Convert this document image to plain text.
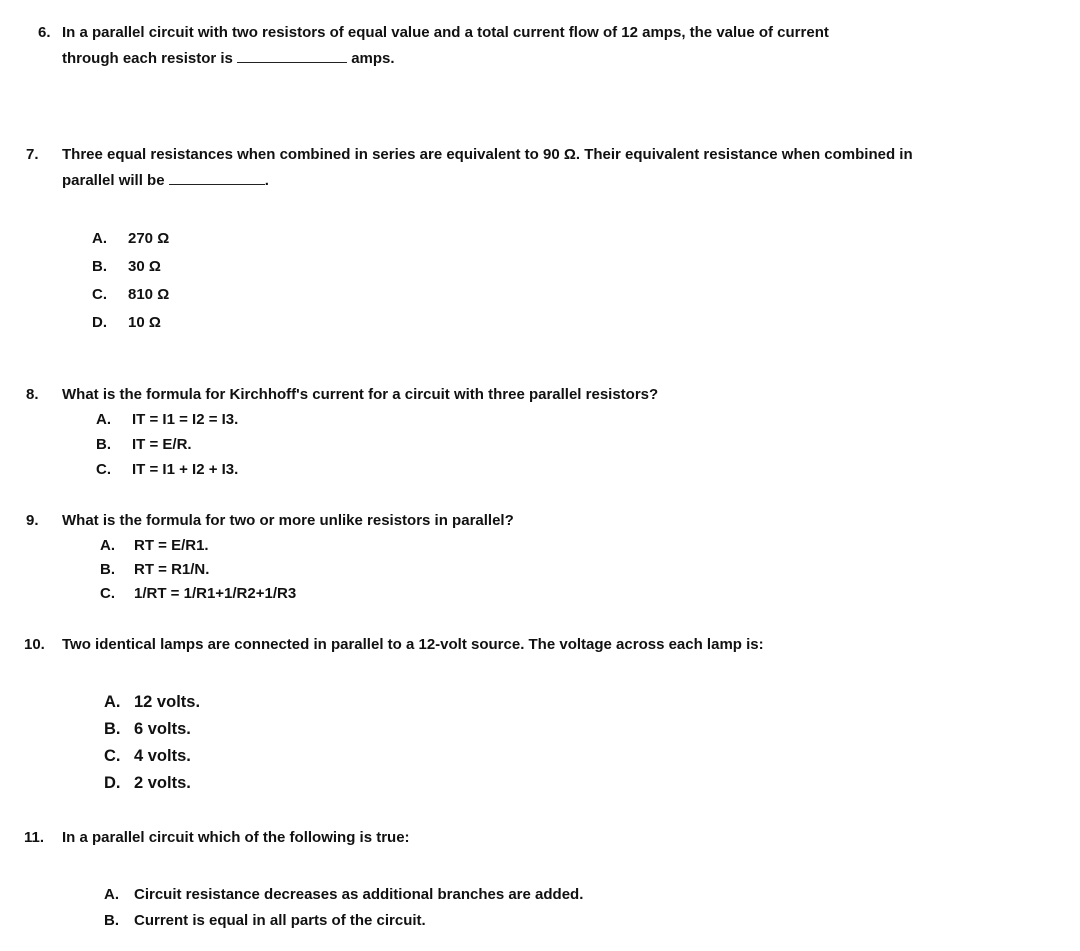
6. In a parallel circuit with two resistors of equal value and a total current flow of 12 amps, the value of current
through each resistor is	amps.
7. Three equal resistances when combined in series are equivalent to 90 Ω. Their equivalent resistance when combined in
parallel will be	.
A. 270 Ω
B. 30 Ω
C. 810 Ω
D. 10 Ω
8. What is the formula for Kirchhoff's current for a circuit with three parallel resistors?
A. IT = I1 = I2 = I3.
B. IT = E/R.
C. IT = I1 + I2 + I3.
9. What is the formula for two or more unlike resistors in parallel?
A. RT = E/R1.
B. RT = R1/N.
C. 1/RT = 1/R1+1/R2+1/R3
10. Two identical lamps are connected in parallel to a 12-volt source. The voltage across each lamp is:
A. 12 volts.
B. 6 volts.
C. 4 volts.
D. 2 volts.
11. In a parallel circuit which of the following is true:
A. Circuit resistance decreases as additional branches are added.
B. Current is equal in all parts of the circuit.
